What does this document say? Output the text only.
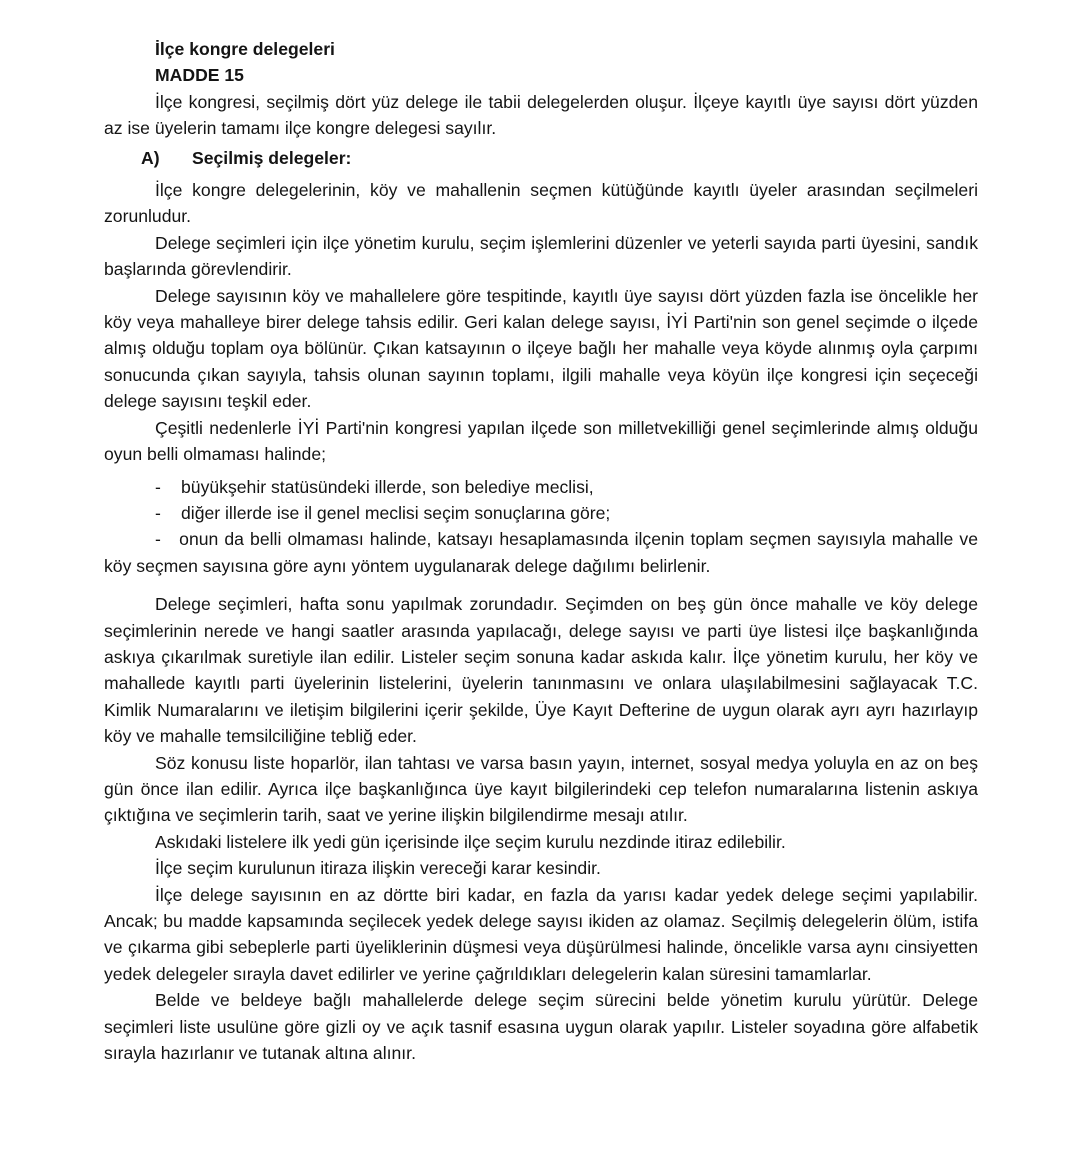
İlçe kongre delegeleri
MADDE 15

İlçe kongresi, seçilmiş dört yüz delege ile tabii delegelerden oluşur. İlçeye kayıtlı üye sayısı dört yüzden az ise üyelerin tamamı ilçe kongre delegesi sayılır.

A)	Seçilmiş delegeler:

İlçe kongre delegelerinin, köy ve mahallenin seçmen kütüğünde kayıtlı üyeler arasından seçilmeleri zorunludur.

Delege seçimleri için ilçe yönetim kurulu, seçim işlemlerini düzenler ve yeterli sayıda parti üyesini, sandık başlarında görevlendirir.

Delege sayısının köy ve mahallelere göre tespitinde, kayıtlı üye sayısı dört yüzden fazla ise öncelikle her köy veya mahalleye birer delege tahsis edilir. Geri kalan delege sayısı, İYİ Parti'nin son genel seçimde o ilçede almış olduğu toplam oya bölünür. Çıkan katsayının o ilçeye bağlı her mahalle veya köyde alınmış oyla çarpımı sonucunda çıkan sayıyla, tahsis olunan sayının toplamı, ilgili mahalle veya köyün ilçe kongresi için seçeceği delege sayısını teşkil eder.

Çeşitli nedenlerle İYİ Parti'nin kongresi yapılan ilçede son milletvekilliği genel seçimlerinde almış olduğu oyun belli olmaması halinde;

-	büyükşehir statüsündeki illerde, son belediye meclisi,
-	diğer illerde ise il genel meclisi seçim sonuçlarına göre;

- onun da belli olmaması halinde, katsayı hesaplamasında ilçenin toplam seçmen sayısıyla mahalle ve köy seçmen sayısına göre aynı yöntem uygulanarak delege dağılımı belirlenir.

Delege seçimleri, hafta sonu yapılmak zorundadır. Seçimden on beş gün önce mahalle ve köy delege seçimlerinin nerede ve hangi saatler arasında yapılacağı, delege sayısı ve parti üye listesi ilçe başkanlığında askıya çıkarılmak suretiyle ilan edilir. Listeler seçim sonuna kadar askıda kalır. İlçe yönetim kurulu, her köy ve mahallede kayıtlı parti üyelerinin listelerini, üyelerin tanınmasını ve onlara ulaşılabilmesini sağlayacak T.C. Kimlik Numaralarını ve iletişim bilgilerini içerir şekilde, Üye Kayıt Defterine de uygun olarak ayrı ayrı hazırlayıp köy ve mahalle temsilciliğine tebliğ eder.

Söz konusu liste hoparlör, ilan tahtası ve varsa basın yayın, internet, sosyal medya yoluyla en az on beş gün önce ilan edilir. Ayrıca ilçe başkanlığınca üye kayıt bilgilerindeki cep telefon numaralarına listenin askıya çıktığına ve seçimlerin tarih, saat ve yerine ilişkin bilgilendirme mesajı atılır.

Askıdaki listelere ilk yedi gün içerisinde ilçe seçim kurulu nezdinde itiraz edilebilir.

İlçe seçim kurulunun itiraza ilişkin vereceği karar kesindir.

İlçe delege sayısının en az dörtte biri kadar, en fazla da yarısı kadar yedek delege seçimi yapılabilir. Ancak; bu madde kapsamında seçilecek yedek delege sayısı ikiden az olamaz. Seçilmiş delegelerin ölüm, istifa ve çıkarma gibi sebeplerle parti üyeliklerinin düşmesi veya düşürülmesi halinde, öncelikle varsa aynı cinsiyetten yedek delegeler sırayla davet edilirler ve yerine çağrıldıkları delegelerin kalan süresini tamamlarlar.

Belde ve beldeye bağlı mahallelerde delege seçim sürecini belde yönetim kurulu yürütür. Delege seçimleri liste usulüne göre gizli oy ve açık tasnif esasına uygun olarak yapılır. Listeler soyadına göre alfabetik sırayla hazırlanır ve tutanak altına alınır.
